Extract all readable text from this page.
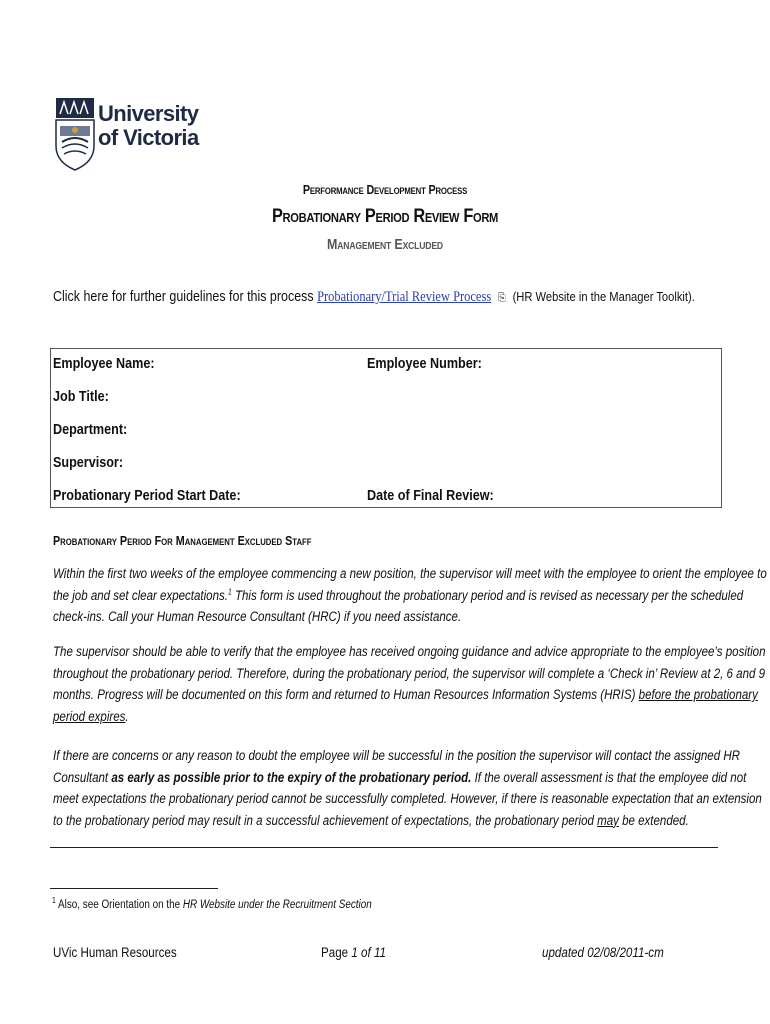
University
of Victoria
Performance Development Process
Probationary Period Review Form
Management Excluded
Click here for further guidelines for this process Probationary/Trial Review Process ⎘ (HR Website in the Manager Toolkit).
Employee Name:	Employee Number:
Job Title:
Department:
Supervisor:
Probationary Period Start Date:	Date of Final Review:
Probationary Period For Management Excluded Staff
Within the first two weeks of the employee commencing a new position, the supervisor will meet with the employee to orient the employee to
the job and set clear expectations.$^1$ This form is used throughout the probationary period and is revised as necessary per the scheduled
check-ins. Call your Human Resource Consultant (HRC) if you need assistance.
The supervisor should be able to verify that the employee has received ongoing guidance and advice appropriate to the employee’s position
throughout the probationary period. Therefore, during the probationary period, the supervisor will complete a ‘Check in’ Review at 2, 6 and 9
months. Progress will be documented on this form and returned to Human Resources Information Systems (HRIS) before the probationary
period expires.
If there are concerns or any reason to doubt the employee will be successful in the position the supervisor will contact the assigned HR
Consultant as early as possible prior to the expiry of the probationary period. If the overall assessment is that the employee did not
meet expectations the probationary period cannot be successfully completed. However, if there is reasonable expectation that an extension
to the probationary period may result in a successful achievement of expectations, the probationary period may be extended.
$^1$ Also, see Orientation on the HR Website under the Recruitment Section
UVic Human Resources	Page 1 of 11	updated 02/08/2011-cm
